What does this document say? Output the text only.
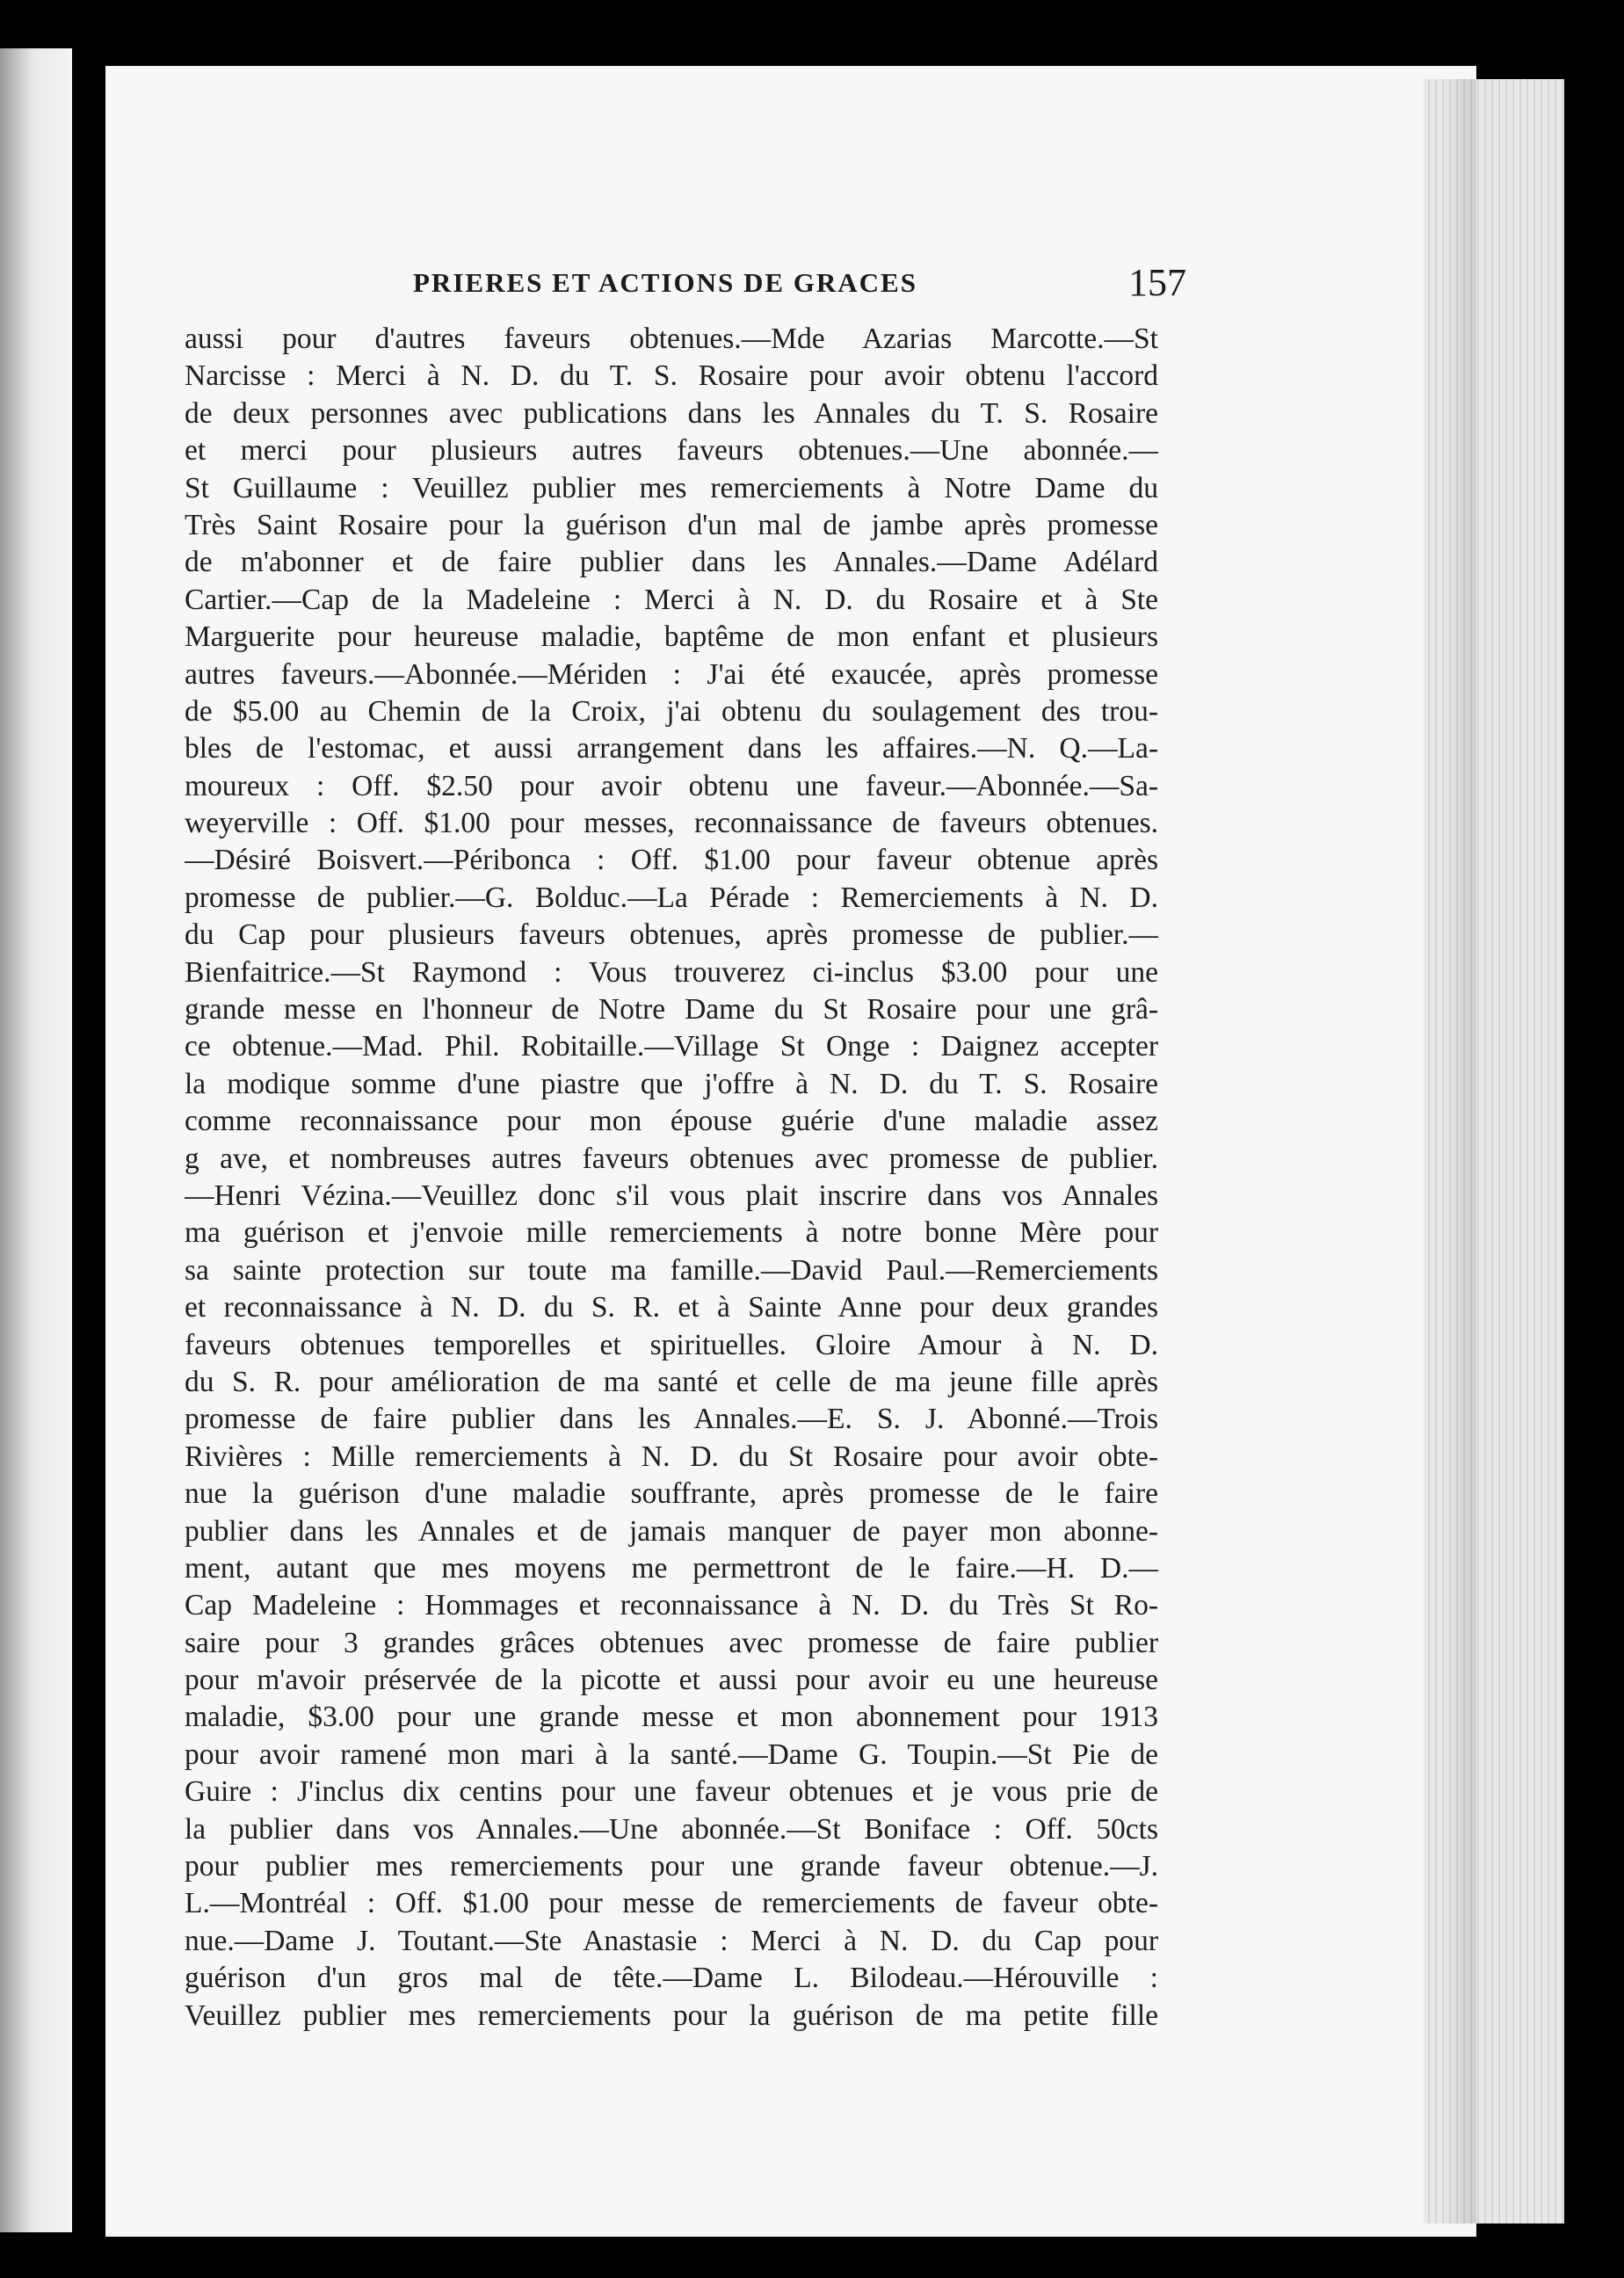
PRIERES ET ACTIONS DE GRACES	157
aussi pour d'autres faveurs obtenues.—Mde Azarias Marcotte.—St
Narcisse : Merci à N. D. du T. S. Rosaire pour avoir obtenu l'accord
de deux personnes avec publications dans les Annales du T. S. Rosaire
et merci pour plusieurs autres faveurs obtenues.—Une abonnée.—
St Guillaume : Veuillez publier mes remerciements à Notre Dame du
Très Saint Rosaire pour la guérison d'un mal de jambe après promesse
de m'abonner et de faire publier dans les Annales.—Dame Adélard
Cartier.—Cap de la Madeleine : Merci à N. D. du Rosaire et à Ste
Marguerite pour heureuse maladie, baptême de mon enfant et plusieurs
autres faveurs.—Abonnée.—Mériden : J'ai été exaucée, après promesse
de $5.00 au Chemin de la Croix, j'ai obtenu du soulagement des trou-
bles de l'estomac, et aussi arrangement dans les affaires.—N. Q.—La-
moureux : Off. $2.50 pour avoir obtenu une faveur.—Abonnée.—Sa-
weyerville : Off. $1.00 pour messes, reconnaissance de faveurs obtenues.
—Désiré Boisvert.—Péribonca : Off. $1.00 pour faveur obtenue après
promesse de publier.—G. Bolduc.—La Pérade : Remerciements à N. D.
du Cap pour plusieurs faveurs obtenues, après promesse de publier.—
Bienfaitrice.—St Raymond : Vous trouverez ci-inclus $3.00 pour une
grande messe en l'honneur de Notre Dame du St Rosaire pour une grâ-
ce obtenue.—Mad. Phil. Robitaille.—Village St Onge : Daignez accepter
la modique somme d'une piastre que j'offre à N. D. du T. S. Rosaire
comme reconnaissance pour mon épouse guérie d'une maladie assez
g ave, et nombreuses autres faveurs obtenues avec promesse de publier.
—Henri Vézina.—Veuillez donc s'il vous plait inscrire dans vos Annales
ma guérison et j'envoie mille remerciements à notre bonne Mère pour
sa sainte protection sur toute ma famille.—David Paul.—Remerciements
et reconnaissance à N. D. du S. R. et à Sainte Anne pour deux grandes
faveurs obtenues temporelles et spirituelles. Gloire Amour à N. D.
du S. R. pour amélioration de ma santé et celle de ma jeune fille après
promesse de faire publier dans les Annales.—E. S. J. Abonné.—Trois
Rivières : Mille remerciements à N. D. du St Rosaire pour avoir obte-
nue la guérison d'une maladie souffrante, après promesse de le faire
publier dans les Annales et de jamais manquer de payer mon abonne-
ment, autant que mes moyens me permettront de le faire.—H. D.—
Cap Madeleine : Hommages et reconnaissance à N. D. du Très St Ro-
saire pour 3 grandes grâces obtenues avec promesse de faire publier
pour m'avoir préservée de la picotte et aussi pour avoir eu une heureuse
maladie, $3.00 pour une grande messe et mon abonnement pour 1913
pour avoir ramené mon mari à la santé.—Dame G. Toupin.—St Pie de
Guire : J'inclus dix centins pour une faveur obtenues et je vous prie de
la publier dans vos Annales.—Une abonnée.—St Boniface : Off. 50cts
pour publier mes remerciements pour une grande faveur obtenue.—J.
L.—Montréal : Off. $1.00 pour messe de remerciements de faveur obte-
nue.—Dame J. Toutant.—Ste Anastasie : Merci à N. D. du Cap pour
guérison d'un gros mal de tête.—Dame L. Bilodeau.—Hérouville :
Veuillez publier mes remerciements pour la guérison de ma petite fille
